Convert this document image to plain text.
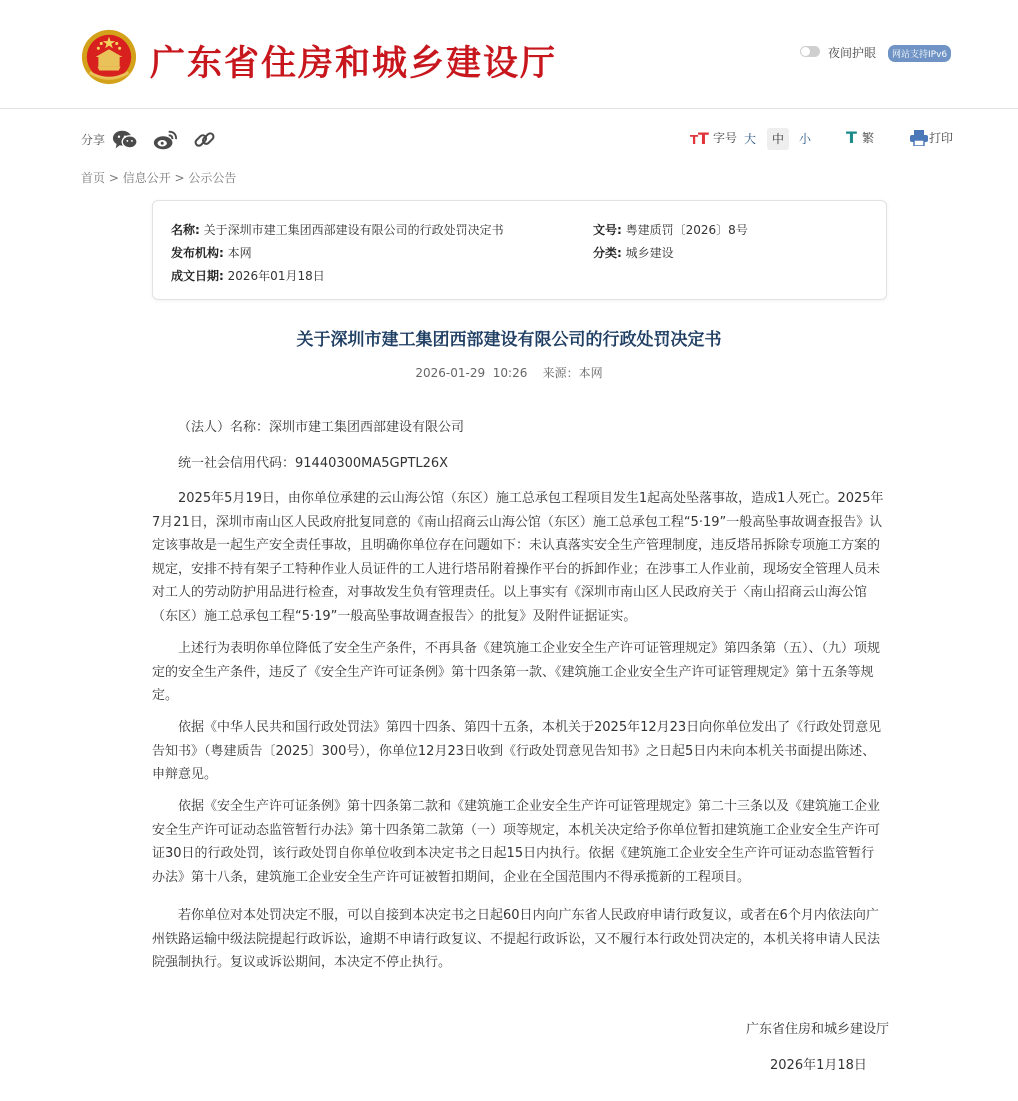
广东省住房和城乡建设厅	夜间护眼	网站支持IPv6
分享	T T 字号 大	中	小	T 繁	打印
首页 > 信息公开 > 公示公告
名称: 关于深圳市建工集团西部建设有限公司的行政处罚决定书	文号: 粤建质罚〔2026〕8号
发布机构: 本网	分类: 城乡建设
成文日期: 2026年01月18日
关于深圳市建工集团西部建设有限公司的行政处罚决定书
2026-01-29  10:26    来源：本网

（法人）名称：深圳市建工集团西部建设有限公司

统一社会信用代码：91440300MA5GPTL26X

2025年5月19日，由你单位承建的云山海公馆（东区）施工总承包工程项目发生1起高处坠落事故，造成1人死亡。2025年7月21日，深圳市南山区人民政府批复同意的《南山招商云山海公馆（东区）施工总承包工程“5·19”一般高坠事故调查报告》认定该事故是一起生产安全责任事故，且明确你单位存在问题如下：未认真落实安全生产管理制度，违反塔吊拆除专项施工方案的规定，安排不持有架子工特种作业人员证件的工人进行塔吊附着操作平台的拆卸作业；在涉事工人作业前，现场安全管理人员未对工人的劳动防护用品进行检查，对事故发生负有管理责任。以上事实有《深圳市南山区人民政府关于〈南山招商云山海公馆（东区）施工总承包工程“5·19”一般高坠事故调查报告〉的批复》及附件证据证实。

上述行为表明你单位降低了安全生产条件，不再具备《建筑施工企业安全生产许可证管理规定》第四条第（五）、（九）项规定的安全生产条件，违反了《安全生产许可证条例》第十四条第一款、《建筑施工企业安全生产许可证管理规定》第十五条等规定。

依据《中华人民共和国行政处罚法》第四十四条、第四十五条，本机关于2025年12月23日向你单位发出了《行政处罚意见告知书》（粤建质告〔2025〕300号），你单位12月23日收到《行政处罚意见告知书》之日起5日内未向本机关书面提出陈述、申辩意见。

依据《安全生产许可证条例》第十四条第二款和《建筑施工企业安全生产许可证管理规定》第二十三条以及《建筑施工企业安全生产许可证动态监管暂行办法》第十四条第二款第（一）项等规定，本机关决定给予你单位暂扣建筑施工企业安全生产许可证30日的行政处罚，该行政处罚自你单位收到本决定书之日起15日内执行。依据《建筑施工企业安全生产许可证动态监管暂行办法》第十八条，建筑施工企业安全生产许可证被暂扣期间，企业在全国范围内不得承揽新的工程项目。

若你单位对本处罚决定不服，可以自接到本决定书之日起60日内向广东省人民政府申请行政复议，或者在6个月内依法向广州铁路运输中级法院提起行政诉讼，逾期不申请行政复议、不提起行政诉讼，又不履行本行政处罚决定的，本机关将申请人民法院强制执行。复议或诉讼期间，本决定不停止执行。

广东省住房和城乡建设厅
2026年1月18日
